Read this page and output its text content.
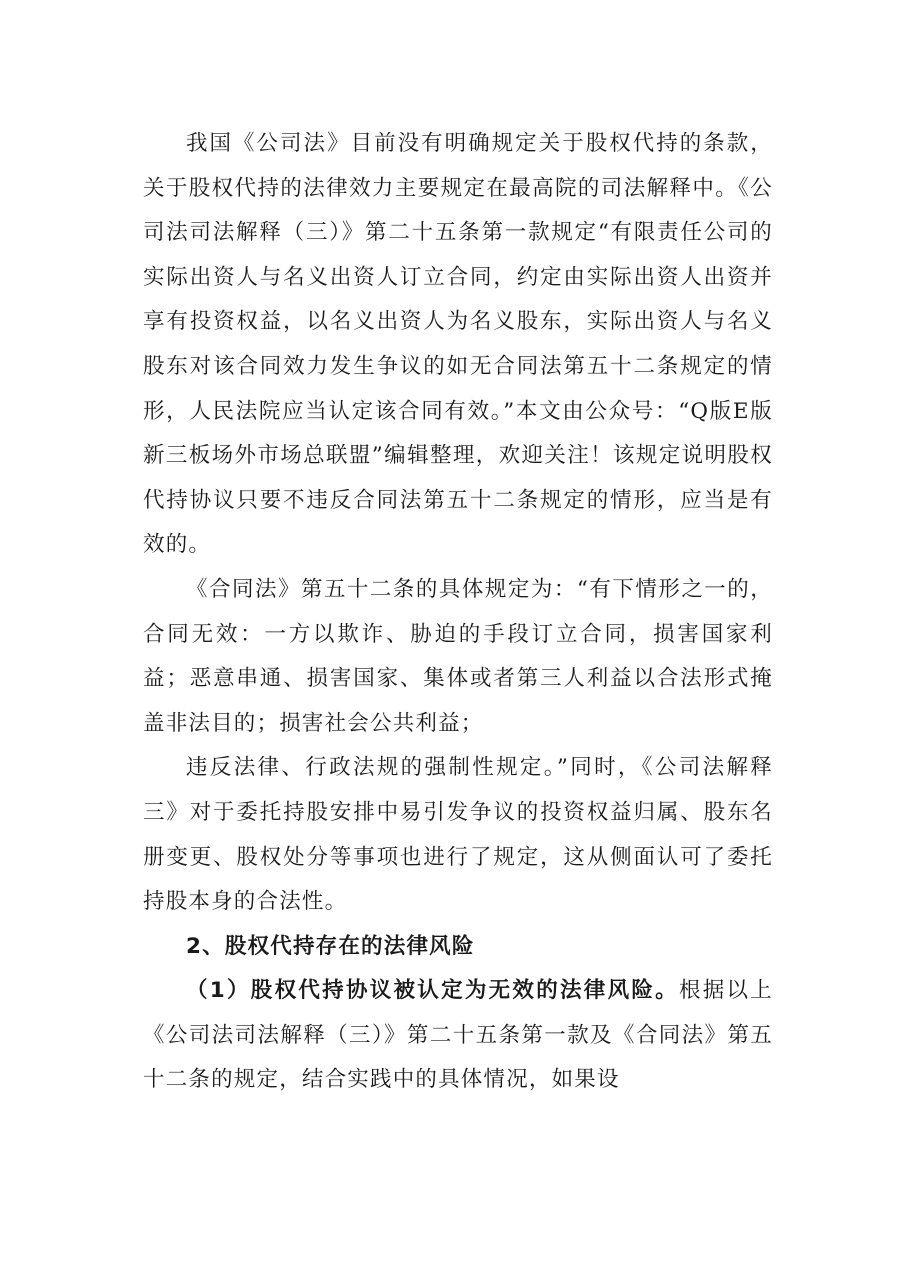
我国《公司法》目前没有明确规定关于股权代持的条款，关于股权代持的法律效力主要规定在最高院的司法解释中。《公司法司法解释（三）》第二十五条第一款规定“有限责任公司的实际出资人与名义出资人订立合同，约定由实际出资人出资并享有投资权益，以名义出资人为名义股东，实际出资人与名义股东对该合同效力发生争议的如无合同法第五十二条规定的情形，人民法院应当认定该合同有效。”本文由公众号：“Q版E版新三板场外市场总联盟”编辑整理，欢迎关注！该规定说明股权代持协议只要不违反合同法第五十二条规定的情形，应当是有效的。

《合同法》第五十二条的具体规定为：“有下情形之一的，合同无效：一方以欺诈、胁迫的手段订立合同，损害国家利益；恶意串通、损害国家、集体或者第三人利益以合法形式掩盖非法目的；损害社会公共利益；

违反法律、行政法规的强制性规定。”同时，《公司法解释三》对于委托持股安排中易引发争议的投资权益归属、股东名册变更、股权处分等事项也进行了规定，这从侧面认可了委托持股本身的合法性。

2、股权代持存在的法律风险

（1）股权代持协议被认定为无效的法律风险。根据以上《公司法司法解释（三）》第二十五条第一款及《合同法》第五十二条的规定，结合实践中的具体情况，如果设
